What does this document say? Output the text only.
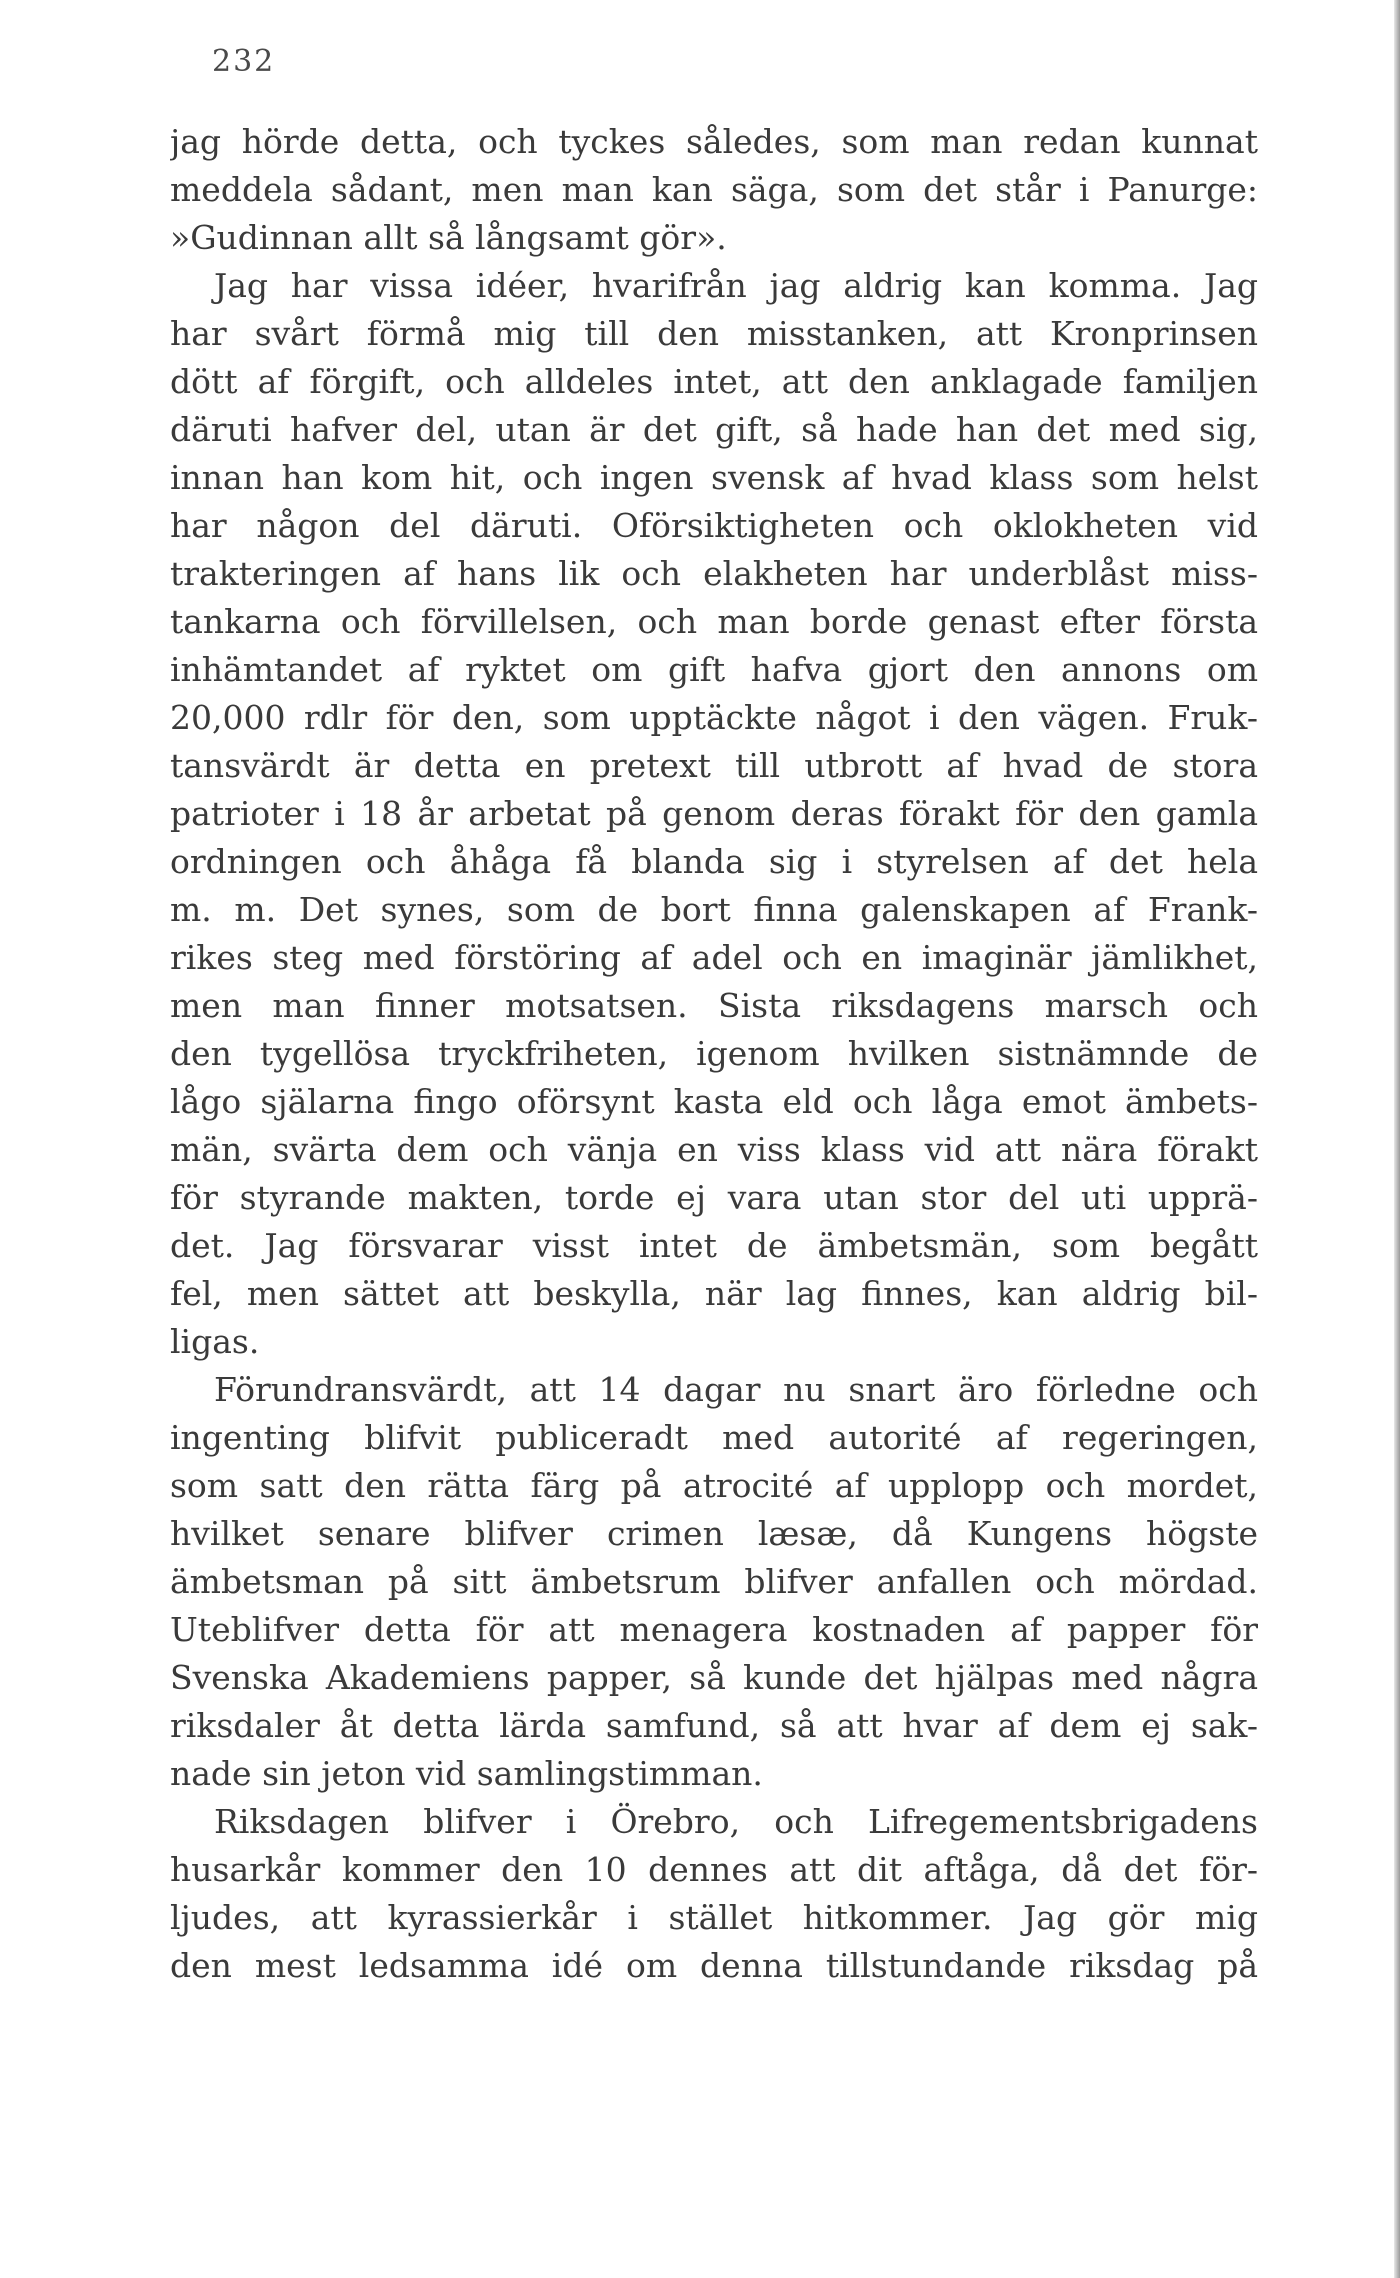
232
jag hörde detta, och tyckes således, som man redan kunnat
meddela sådant, men man kan säga, som det står i Panurge:
»Gudinnan allt så långsamt gör».
Jag har vissa idéer, hvarifrån jag aldrig kan komma. Jag
har svårt förmå mig till den misstanken, att Kronprinsen
dött af förgift, och alldeles intet, att den anklagade familjen
däruti hafver del, utan är det gift, så hade han det med sig,
innan han kom hit, och ingen svensk af hvad klass som helst
har någon del däruti. Oförsiktigheten och oklokheten vid
trakteringen af hans lik och elakheten har underblåst miss-
tankarna och förvillelsen, och man borde genast efter första
inhämtandet af ryktet om gift hafva gjort den annons om
20,000 rdlr för den, som upptäckte något i den vägen. Fruk-
tansvärdt är detta en pretext till utbrott af hvad de stora
patrioter i 18 år arbetat på genom deras förakt för den gamla
ordningen och åhåga få blanda sig i styrelsen af det hela
m. m. Det synes, som de bort finna galenskapen af Frank-
rikes steg med förstöring af adel och en imaginär jämlikhet,
men man finner motsatsen. Sista riksdagens marsch och
den tygellösa tryckfriheten, igenom hvilken sistnämnde de
lågo själarna fingo oförsynt kasta eld och låga emot ämbets-
män, svärta dem och vänja en viss klass vid att nära förakt
för styrande makten, torde ej vara utan stor del uti upprä-
det. Jag försvarar visst intet de ämbetsmän, som begått
fel, men sättet att beskylla, när lag finnes, kan aldrig bil-
ligas.
Förundransvärdt, att 14 dagar nu snart äro förledne och
ingenting blifvit publiceradt med autorité af regeringen,
som satt den rätta färg på atrocité af upplopp och mordet,
hvilket senare blifver crimen læsæ, då Kungens högste
ämbetsman på sitt ämbetsrum blifver anfallen och mördad.
Uteblifver detta för att menagera kostnaden af papper för
Svenska Akademiens papper, så kunde det hjälpas med några
riksdaler åt detta lärda samfund, så att hvar af dem ej sak-
nade sin jeton vid samlingstimman.
Riksdagen blifver i Örebro, och Lifregementsbrigadens
husarkår kommer den 10 dennes att dit aftåga, då det för-
ljudes, att kyrassierkår i stället hitkommer. Jag gör mig
den mest ledsamma idé om denna tillstundande riksdag på
